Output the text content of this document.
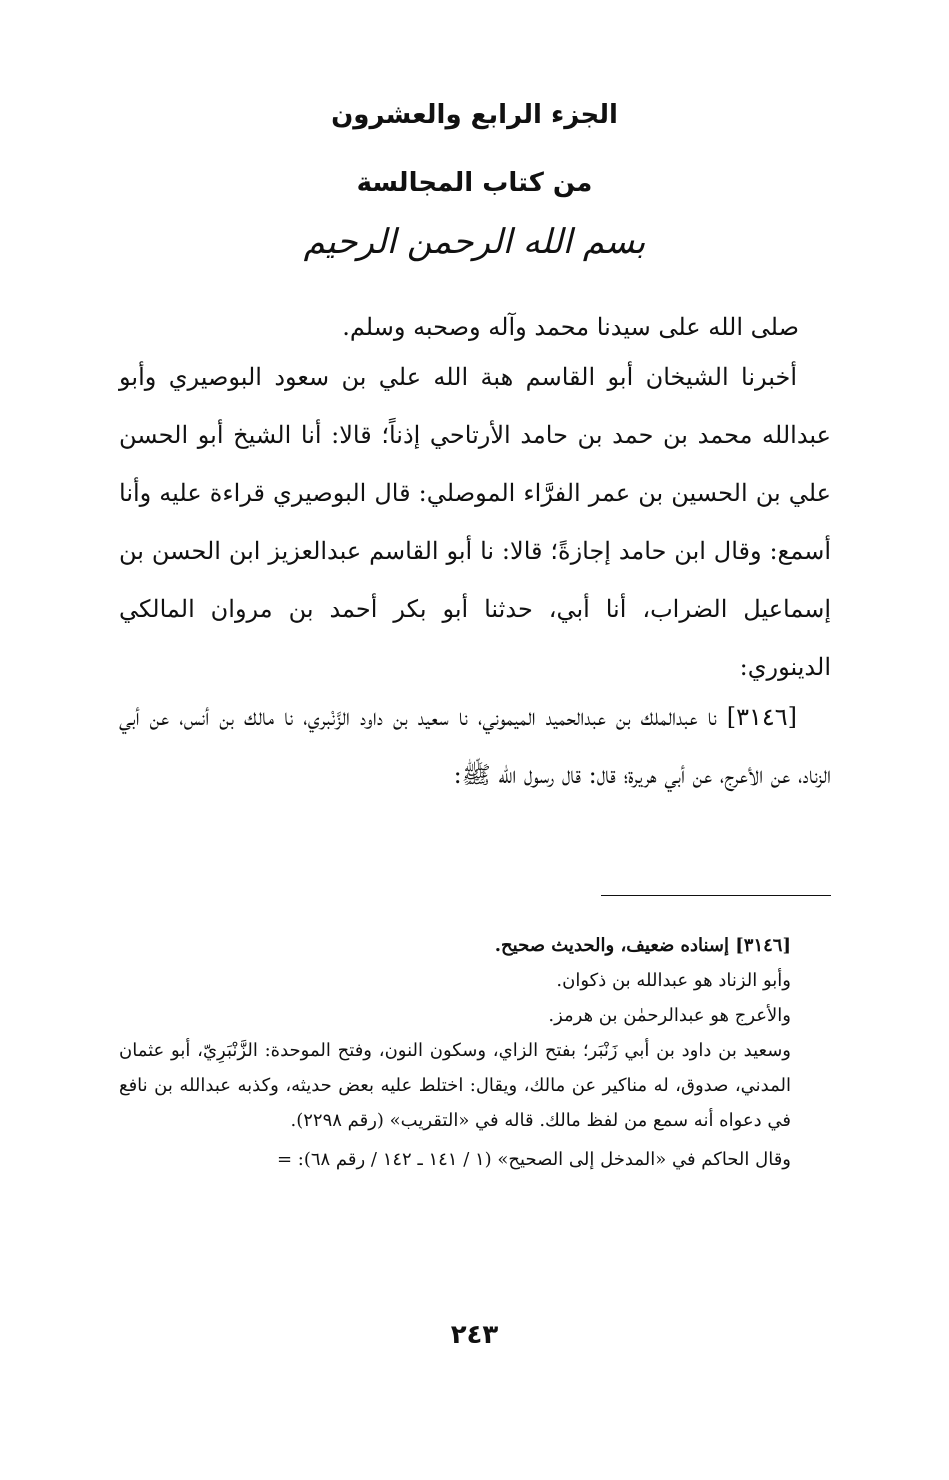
الجزء الرابع والعشرون
من كتاب المجالسة
بسم الله الرحمن الرحيم

صلى الله على سيدنا محمد وآله وصحبه وسلم.

أخبرنا الشيخان أبو القاسم هبة الله علي بن سعود البوصيري وأبو عبدالله محمد بن حمد بن حامد الأرتاحي إذناً؛ قالا: أنا الشيخ أبو الحسن علي بن الحسين بن عمر الفرَّاء الموصلي: قال البوصيري قراءة عليه وأنا أسمع: وقال ابن حامد إجازةً؛ قالا: نا أبو القاسم عبدالعزيز ابن الحسن بن إسماعيل الضراب، أنا أبي، حدثنا أبو بكر أحمد بن مروان المالكي الدينوري:

[٣١٤٦] نا عبدالملك بن عبدالحميد الميموني، نا سعيد بن داود الزَّنْبري، نا مالك بن أنس، عن أبي الزناد، عن الأعرج، عن أبي هريرة؛ قال: قال رسول الله ﷺ:

[٣١٤٦] إسناده ضعيف، والحديث صحيح.

وأبو الزناد هو عبدالله بن ذكوان.

والأعرج هو عبدالرحمٰن بن هرمز.

وسعيد بن داود بن أبي زَنْبَر؛ بفتح الزاي، وسكون النون، وفتح الموحدة: الزَّنْبَرِيّ، أبو عثمان المدني، صدوق، له مناكير عن مالك، ويقال: اختلط عليه بعض حديثه، وكذبه عبدالله بن نافع في دعواه أنه سمع من لفظ مالك. قاله في «التقريب» (رقم ٢٢٩٨).

وقال الحاكم في «المدخل إلى الصحيح» (١ / ١٤١ ـ ١٤٢ / رقم ٦٨): =

٢٤٣
